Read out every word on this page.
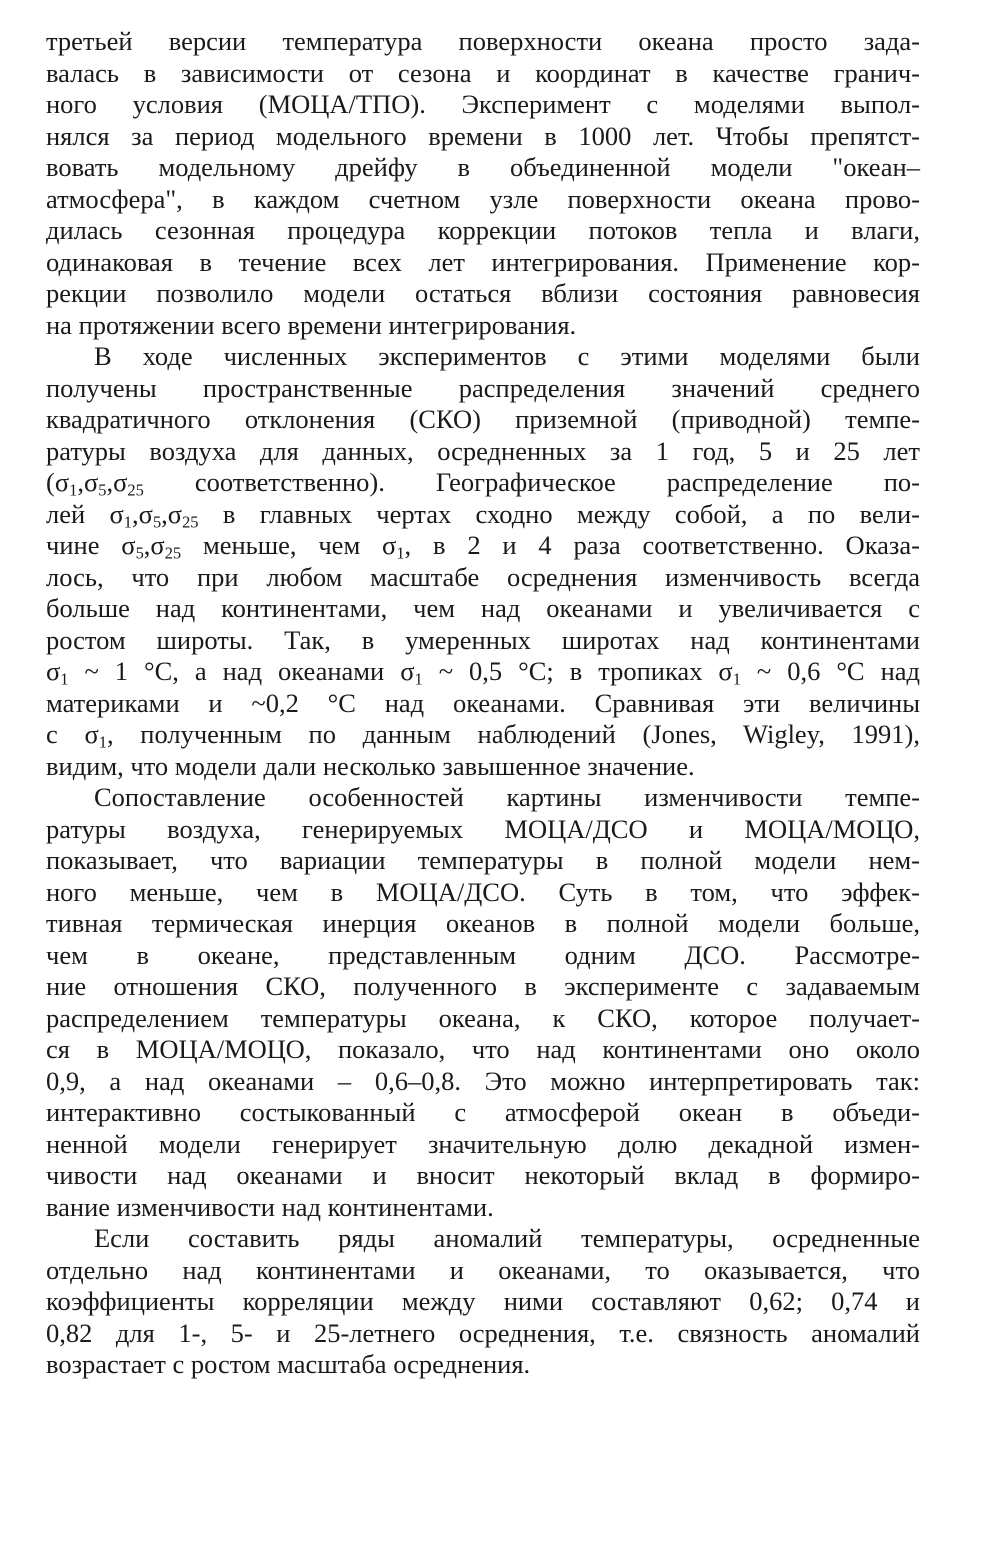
третьей версии температура поверхности океана просто зада-
валась в зависимости от сезона и координат в качестве гранич-
ного условия (МОЦА/ТПО). Эксперимент с моделями выпол-
нялся за период модельного времени в 1000 лет. Чтобы препятст-
вовать модельному дрейфу в объединенной модели "океан–
атмосфера", в каждом счетном узле поверхности океана прово-
дилась сезонная процедура коррекции потоков тепла и влаги,
одинаковая в течение всех лет интегрирования. Применение кор-
рекции позволило модели остаться вблизи состояния равновесия
на протяжении всего времени интегрирования.
В ходе численных экспериментов с этими моделями были
получены пространственные распределения значений среднего
квадратичного отклонения (СКО) приземной (приводной) темпе-
ратуры воздуха для данных, осредненных за 1 год, 5 и 25 лет
($\sigma_1,\sigma_5,\sigma_{25}$ соответственно). Географическое распределение по-
лей $\sigma_1,\sigma_5,\sigma_{25}$ в главных чертах сходно между собой, а по вели-
чине $\sigma_5,\sigma_{25}$ меньше, чем $\sigma_1$, в 2 и 4 раза соответственно. Оказа-
лось, что при любом масштабе осреднения изменчивость всегда
больше над континентами, чем над океанами и увеличивается с
ростом широты. Так, в умеренных широтах над континентами
$\sigma_1$ ~ 1 °С, а над океанами $\sigma_1$ ~ 0,5 °С; в тропиках $\sigma_1$ ~ 0,6 °С над
материками и ~0,2 °С над океанами. Сравнивая эти величины
с $\sigma_1$, полученным по данным наблюдений (Jones, Wigley, 1991),
видим, что модели дали несколько завышенное значение.
Сопоставление особенностей картины изменчивости темпе-
ратуры воздуха, генерируемых МОЦА/ДСО и МОЦА/МОЦО,
показывает, что вариации температуры в полной модели нем-
ного меньше, чем в МОЦА/ДСО. Суть в том, что эффек-
тивная термическая инерция океанов в полной модели больше,
чем в океане, представленным одним ДСО. Рассмотре-
ние отношения СКО, полученного в эксперименте с задаваемым
распределением температуры океана, к СКО, которое получает-
ся в МОЦА/МОЦО, показало, что над континентами оно около
0,9, а над океанами – 0,6–0,8. Это можно интерпретировать так:
интерактивно состыкованный с атмосферой океан в объеди-
ненной модели генерирует значительную долю декадной измен-
чивости над океанами и вносит некоторый вклад в формиро-
вание изменчивости над континентами.
Если составить ряды аномалий температуры, осредненные
отдельно над континентами и океанами, то оказывается, что
коэффициенты корреляции между ними составляют 0,62; 0,74 и
0,82 для 1-, 5- и 25-летнего осреднения, т.е. связность аномалий
возрастает с ростом масштаба осреднения.
